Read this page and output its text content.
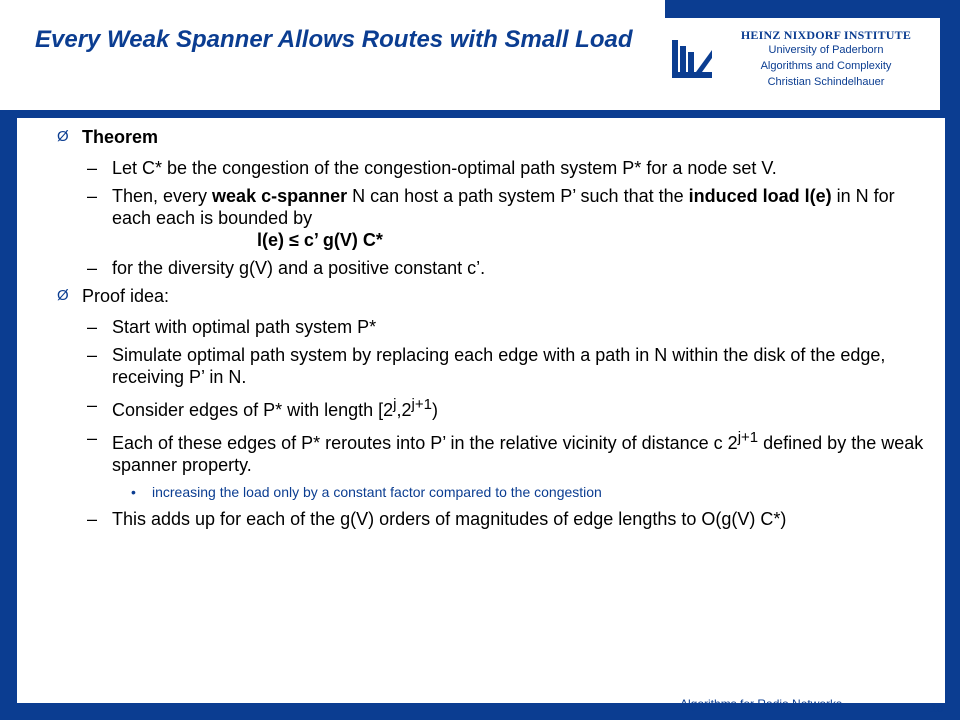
Every Weak Spanner Allows Routes with Small Load	HEINZ NIXDORF INSTITUTE
University of Paderborn
Algorithms and Complexity
Christian Schindelhauer
Ø Theorem
– Let C* be the congestion of the congestion-optimal path system P* for a node set V.
– Then, every weak c-spanner N can host a path system P’ such that the induced load l(e) in N for each each is bounded by
l(e) ≤ c’ g(V) C*
– for the diversity g(V) and a positive constant c’.
Ø Proof idea:
– Start with optimal path system P*
– Simulate optimal path system by replacing each edge with a path in N within the disk of the edge, receiving P’ in N.
– Consider edges of P* with length $[2^j,2^{j+1})$
– Each of these edges of P* reroutes into P’ in the relative vicinity of distance c $2^{j+1}$ defined by the weak spanner property.
• increasing the load only by a constant factor compared to the congestion
– This adds up for each of the g(V) orders of magnitudes of edge lengths to O(g(V) C*)
Algorithms for Radio Networks	16
